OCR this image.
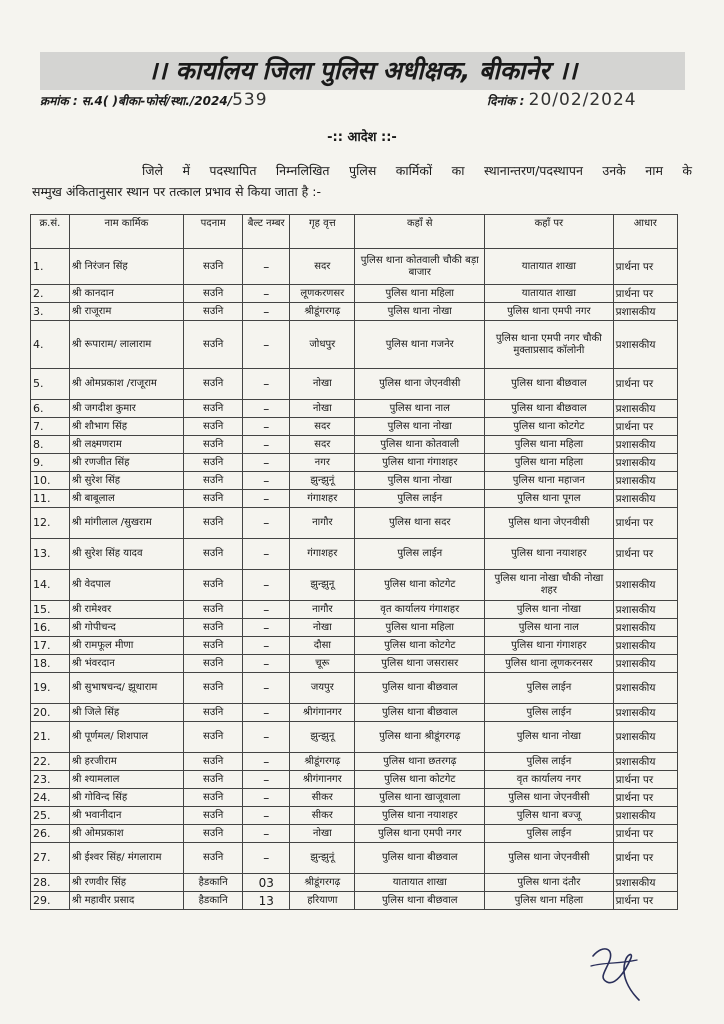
।। कार्यालय जिला पुलिस अधीक्षक, बीकानेर ।।
क्रमांक : स.4( )बीका-फोर्स/स्था./2024/539	दिनांक : 20/02/2024
-:: आदेश ::-
जिले में पदस्थापित निम्नलिखित पुलिस कार्मिकों का स्थानान्तरण/पदस्थापन उनके नाम के
सम्मुख अंकितानुसार स्थान पर तत्काल प्रभाव से किया जाता है :-
क्र.सं.	नाम कार्मिक	पदनाम	बैल्ट नम्बर	गृह वृत्त	कहाँ से	कहाँ पर	आधार
1.	श्री निरंजन सिंह	सउनि	–	सदर	पुलिस थाना कोतवाली चौकी बड़ा बाजार	यातायात शाखा	प्रार्थना पर
2.	श्री कानदान	सउनि	–	लूणकरणसर	पुलिस थाना महिला	यातायात शाखा	प्रार्थना पर
3.	श्री राजूराम	सउनि	–	श्रीडूंगरगढ़	पुलिस थाना नोखा	पुलिस थाना एमपी नगर	प्रशासकीय
4.	श्री रूपाराम/ लालाराम	सउनि	–	जोधपुर	पुलिस थाना गजनेर	पुलिस थाना एमपी नगर चौकी मुक्ताप्रसाद कॉलोनी	प्रशासकीय
5.	श्री ओमप्रकाश /राजूराम	सउनि	–	नोखा	पुलिस थाना जेएनवीसी	पुलिस थाना बीछवाल	प्रार्थना पर
6.	श्री जगदीश कुमार	सउनि	–	नोखा	पुलिस थाना नाल	पुलिस थाना बीछवाल	प्रशासकीय
7.	श्री शौभाग सिंह	सउनि	–	सदर	पुलिस थाना नोखा	पुलिस थाना कोटगेट	प्रार्थना पर
8.	श्री लक्ष्मणराम	सउनि	–	सदर	पुलिस थाना कोतवाली	पुलिस थाना महिला	प्रशासकीय
9.	श्री रणजीत सिंह	सउनि	–	नगर	पुलिस थाना गंगाशहर	पुलिस थाना महिला	प्रशासकीय
10.	श्री सुरेश सिंह	सउनि	–	झुन्झुनूं	पुलिस थाना नोखा	पुलिस थाना महाजन	प्रशासकीय
11.	श्री बाबूलाल	सउनि	–	गंगाशहर	पुलिस लाईन	पुलिस थाना पूगल	प्रशासकीय
12.	श्री मांगीलाल /सुखराम	सउनि	–	नागौर	पुलिस थाना सदर	पुलिस थाना जेएनवीसी	प्रार्थना पर
13.	श्री सुरेश सिंह यादव	सउनि	–	गंगाशहर	पुलिस लाईन	पुलिस थाना नयाशहर	प्रार्थना पर
14.	श्री वेदपाल	सउनि	–	झुन्झुनू	पुलिस थाना कोटगेट	पुलिस थाना नोखा चौकी नोखा शहर	प्रशासकीय
15.	श्री रामेश्वर	सउनि	–	नागौर	वृत कार्यालय गंगाशहर	पुलिस थाना नोखा	प्रशासकीय
16.	श्री गोपीचन्द	सउनि	–	नोखा	पुलिस थाना महिला	पुलिस थाना नाल	प्रशासकीय
17.	श्री रामफूल मीणा	सउनि	–	दौसा	पुलिस थाना कोटगेट	पुलिस थाना गंगाशहर	प्रशासकीय
18.	श्री भंवरदान	सउनि	–	चूरू	पुलिस थाना जसरासर	पुलिस थाना लूणकरनसर	प्रशासकीय
19.	श्री सुभाषचन्द/ झूथाराम	सउनि	–	जयपुर	पुलिस थाना बीछवाल	पुलिस लाईन	प्रशासकीय
20.	श्री जिले सिंह	सउनि	–	श्रीगंगानगर	पुलिस थाना बीछवाल	पुलिस लाईन	प्रशासकीय
21.	श्री पूर्णमल/ शिशपाल	सउनि	–	झुन्झुनू	पुलिस थाना श्रीडूंगरगढ़	पुलिस थाना नोखा	प्रशासकीय
22.	श्री हरजीराम	सउनि	–	श्रीडूंगरगढ़	पुलिस थाना छतरगढ़	पुलिस लाईन	प्रशासकीय
23.	श्री श्यामलाल	सउनि	–	श्रीगंगानगर	पुलिस थाना कोटगेट	वृत कार्यालय नगर	प्रार्थना पर
24.	श्री गोविन्द सिंह	सउनि	–	सीकर	पुलिस थाना खाजूवाला	पुलिस थाना जेएनवीसी	प्रार्थना पर
25.	श्री भवानीदान	सउनि	–	सीकर	पुलिस थाना नयाशहर	पुलिस थाना बज्जू	प्रशासकीय
26.	श्री ओमप्रकाश	सउनि	–	नोखा	पुलिस थाना एमपी नगर	पुलिस लाईन	प्रार्थना पर
27.	श्री ईश्वर सिंह/ मंगलाराम	सउनि	–	झुन्झुनूं	पुलिस थाना बीछवाल	पुलिस थाना जेएनवीसी	प्रार्थना पर
28.	श्री रणवीर सिंह	हैडकानि	03	श्रीडूंगरगढ़	यातायात शाखा	पुलिस थाना दंतौर	प्रशासकीय
29.	श्री महावीर प्रसाद	हैडकानि	13	हरियाणा	पुलिस थाना बीछवाल	पुलिस थाना महिला	प्रार्थना पर
